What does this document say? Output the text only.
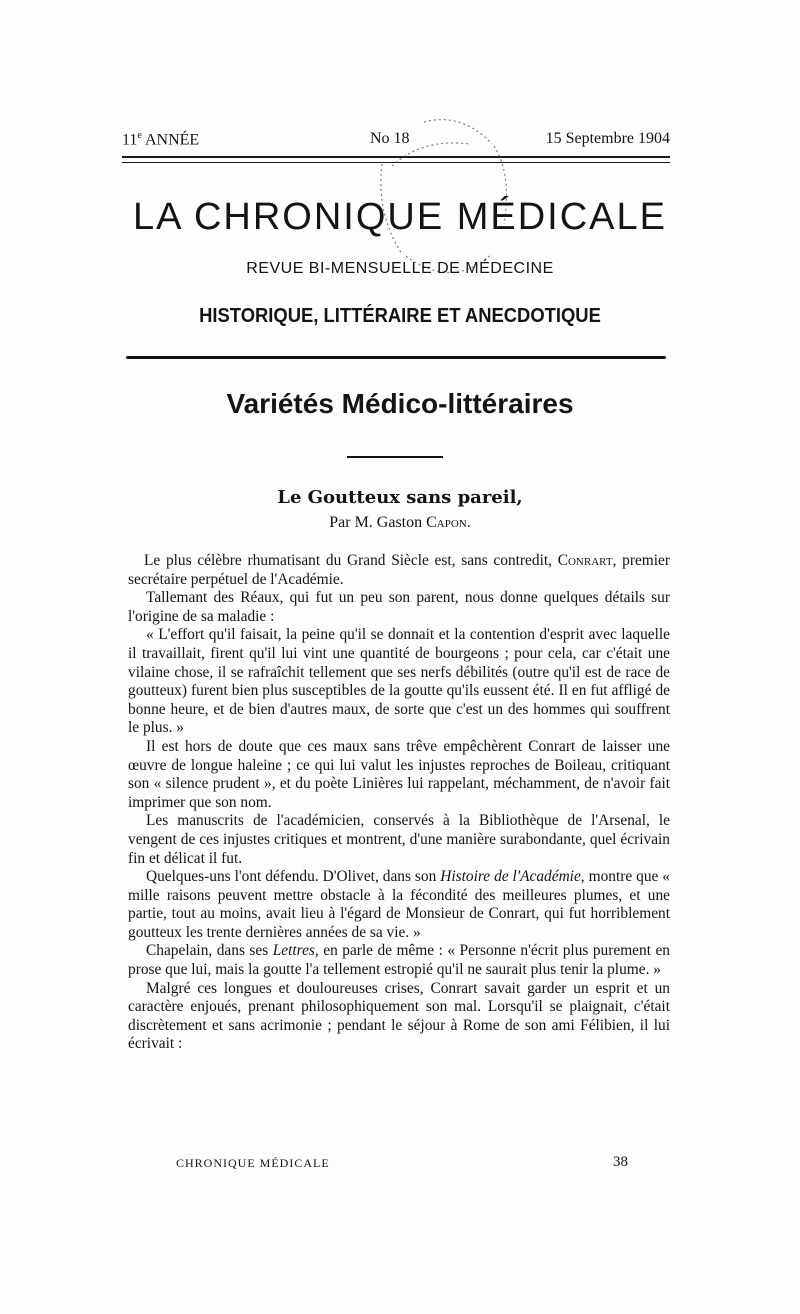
11e ANNÉE	No 18	15 Septembre 1904
LA CHRONIQUE MÉDICALE
REVUE BI-MENSUELLE DE MÉDECINE
HISTORIQUE, LITTÉRAIRE ET ANECDOTIQUE
Variétés Médico-littéraires
Le Goutteux sans pareil,
Par M. Gaston Capon.

Le plus célèbre rhumatisant du Grand Siècle est, sans contredit, Conrart, premier secrétaire perpétuel de l'Académie.

Tallemant des Réaux, qui fut un peu son parent, nous donne quelques détails sur l'origine de sa maladie :

« L'effort qu'il faisait, la peine qu'il se donnait et la contention d'esprit avec laquelle il travaillait, firent qu'il lui vint une quantité de bourgeons ; pour cela, car c'était une vilaine chose, il se rafraîchit tellement que ses nerfs débilités (outre qu'il est de race de goutteux) furent bien plus susceptibles de la goutte qu'ils eussent été. Il en fut affligé de bonne heure, et de bien d'autres maux, de sorte que c'est un des hommes qui souffrent le plus. »

Il est hors de doute que ces maux sans trêve empêchèrent Conrart de laisser une œuvre de longue haleine ; ce qui lui valut les injustes reproches de Boileau, critiquant son « silence prudent », et du poète Linières lui rappelant, méchamment, de n'avoir fait imprimer que son nom.

Les manuscrits de l'académicien, conservés à la Bibliothèque de l'Arsenal, le vengent de ces injustes critiques et montrent, d'une manière surabondante, quel écrivain fin et délicat il fut.

Quelques-uns l'ont défendu. D'Olivet, dans son Histoire de l'Académie, montre que « mille raisons peuvent mettre obstacle à la fécondité des meilleures plumes, et une partie, tout au moins, avait lieu à l'égard de Monsieur de Conrart, qui fut horriblement goutteux les trente dernières années de sa vie. »

Chapelain, dans ses Lettres, en parle de même : « Personne n'écrit plus purement en prose que lui, mais la goutte l'a tellement estropié qu'il ne saurait plus tenir la plume. »

Malgré ces longues et douloureuses crises, Conrart savait garder un esprit et un caractère enjoués, prenant philosophiquement son mal. Lorsqu'il se plaignait, c'était discrètement et sans acrimonie ; pendant le séjour à Rome de son ami Félibien, il lui écrivait :

CHRONIQUE MÉDICALE	38
